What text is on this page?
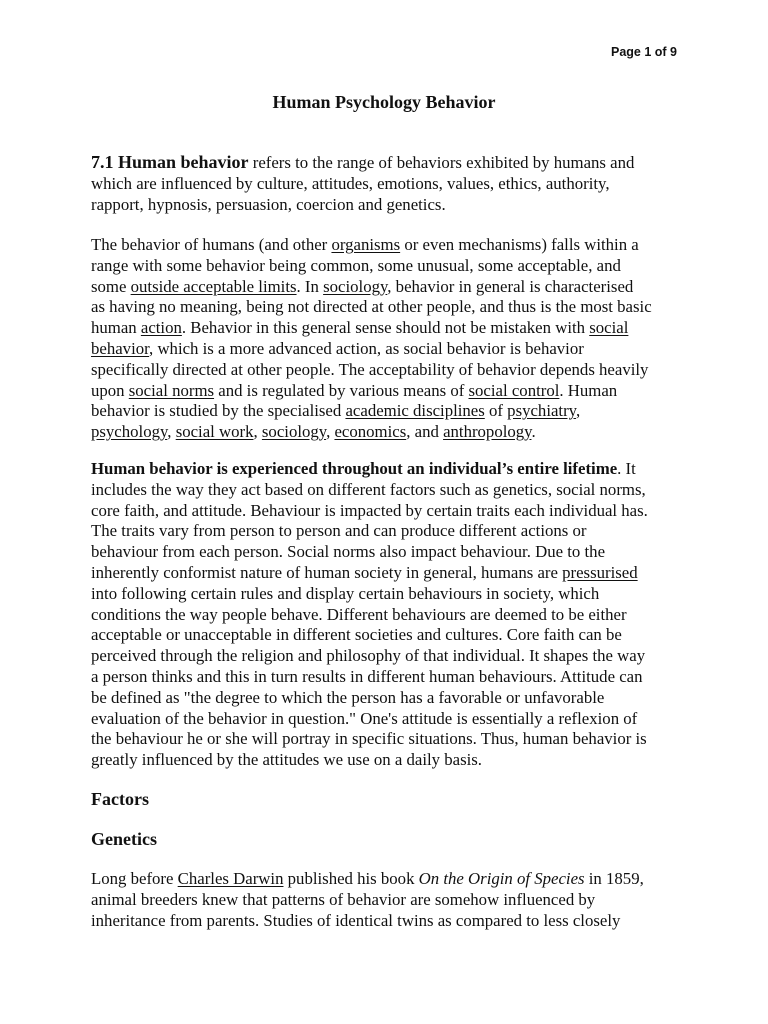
Page 1 of 9
Human Psychology Behavior

7.1 Human behavior refers to the range of behaviors exhibited by humans and
which are influenced by culture, attitudes, emotions, values, ethics, authority,
rapport, hypnosis, persuasion, coercion and genetics.

The behavior of humans (and other organisms or even mechanisms) falls within a
range with some behavior being common, some unusual, some acceptable, and
some outside acceptable limits. In sociology, behavior in general is characterised
as having no meaning, being not directed at other people, and thus is the most basic
human action. Behavior in this general sense should not be mistaken with social
behavior, which is a more advanced action, as social behavior is behavior
specifically directed at other people. The acceptability of behavior depends heavily
upon social norms and is regulated by various means of social control. Human
behavior is studied by the specialised academic disciplines of psychiatry,
psychology, social work, sociology, economics, and anthropology.

Human behavior is experienced throughout an individual’s entire lifetime. It
includes the way they act based on different factors such as genetics, social norms,
core faith, and attitude. Behaviour is impacted by certain traits each individual has.
The traits vary from person to person and can produce different actions or
behaviour from each person. Social norms also impact behaviour. Due to the
inherently conformist nature of human society in general, humans are pressurised
into following certain rules and display certain behaviours in society, which
conditions the way people behave. Different behaviours are deemed to be either
acceptable or unacceptable in different societies and cultures. Core faith can be
perceived through the religion and philosophy of that individual. It shapes the way
a person thinks and this in turn results in different human behaviours. Attitude can
be defined as "the degree to which the person has a favorable or unfavorable
evaluation of the behavior in question." One's attitude is essentially a reflexion of
the behaviour he or she will portray in specific situations. Thus, human behavior is
greatly influenced by the attitudes we use on a daily basis.

Factors
Genetics

Long before Charles Darwin published his book On the Origin of Species in 1859,
animal breeders knew that patterns of behavior are somehow influenced by
inheritance from parents. Studies of identical twins as compared to less closely
